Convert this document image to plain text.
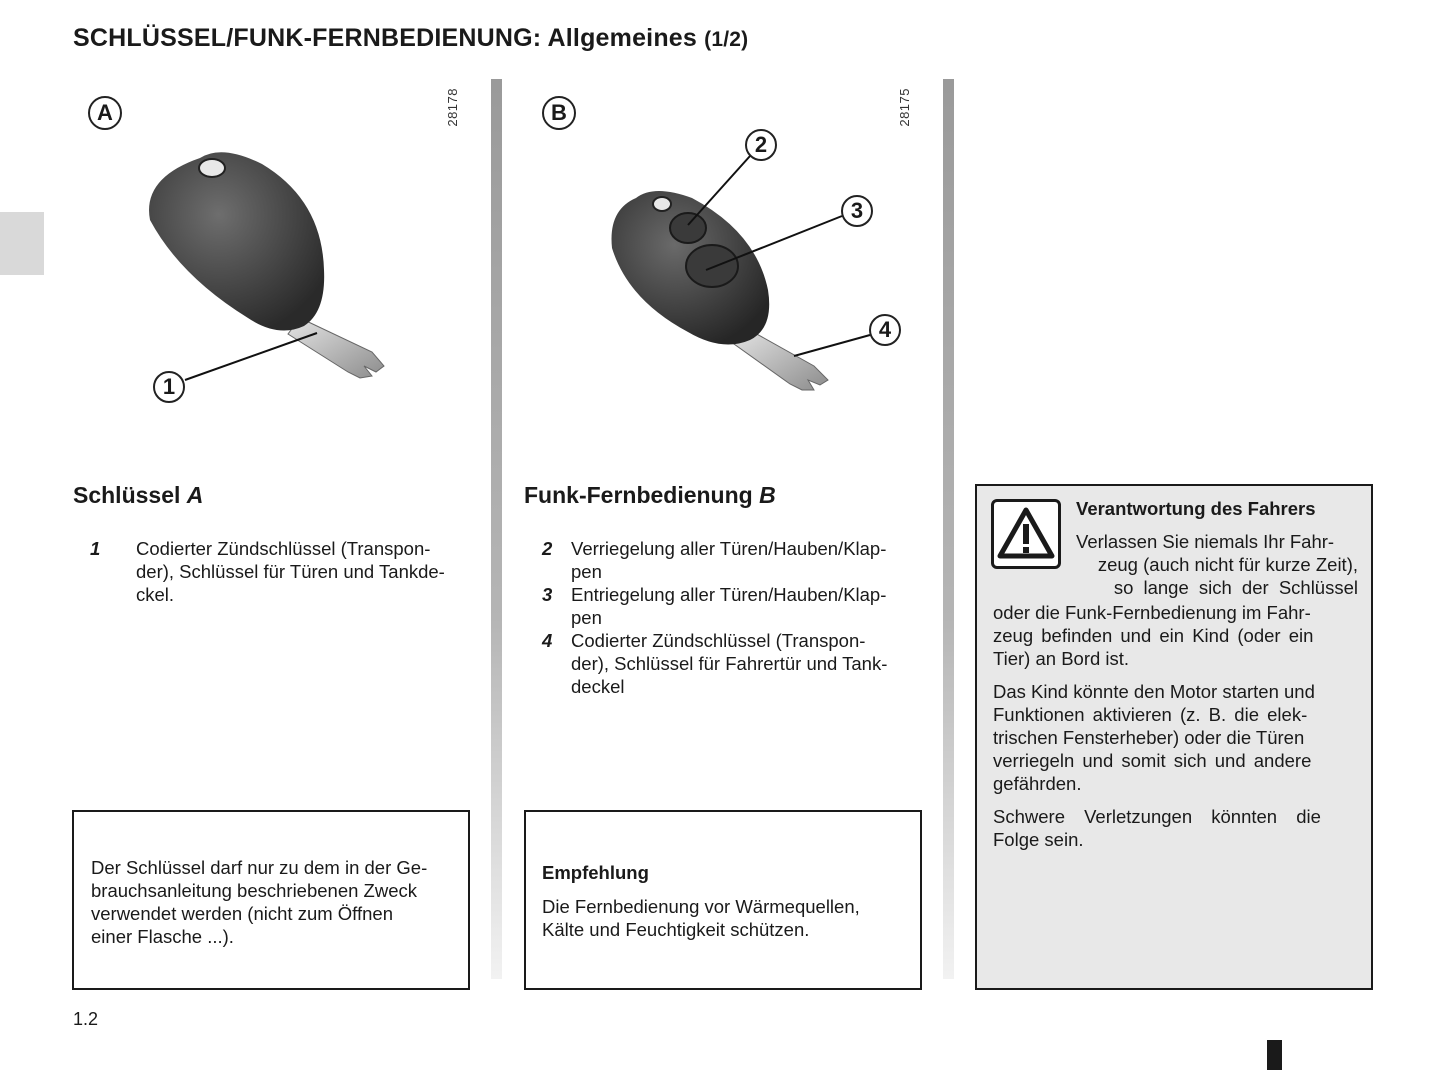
SCHLÜSSEL/FUNK-FERNBEDIENUNG: Allgemeines (1/2)
A	28178
1
B	28175
2
3
4
Schlüssel A
1 Codierter Zündschlüssel (Transpon-
der), Schlüssel für Türen und Tankde-
ckel.

Der Schlüssel darf nur zu dem in der Ge-

brauchsanleitung beschriebenen Zweck

verwendet werden (nicht zum Öffnen

einer Flasche ...).

Funk-Fernbedienung B
2 Verriegelung aller Türen/Hauben/Klap-
pen
3 Entriegelung aller Türen/Hauben/Klap-
pen
4 Codierter Zündschlüssel (Transpon-
der), Schlüssel für Fahrertür und Tank-
deckel

Empfehlung

Die Fernbedienung vor Wärmequellen,

Kälte und Feuchtigkeit schützen.

Verantwortung des Fahrers
Verlassen Sie niemals Ihr Fahr-
zeug (auch nicht für kurze Zeit),
so lange sich der Schlüssel
oder die Funk-Fernbedienung im Fahr-
zeug befinden und ein Kind (oder ein
Tier) an Bord ist.
Das Kind könnte den Motor starten und
Funktionen aktivieren (z. B. die elek-
trischen Fensterheber) oder die Türen
verriegeln und somit sich und andere
gefährden.
Schwere Verletzungen könnten die
Folge sein.
1.2
